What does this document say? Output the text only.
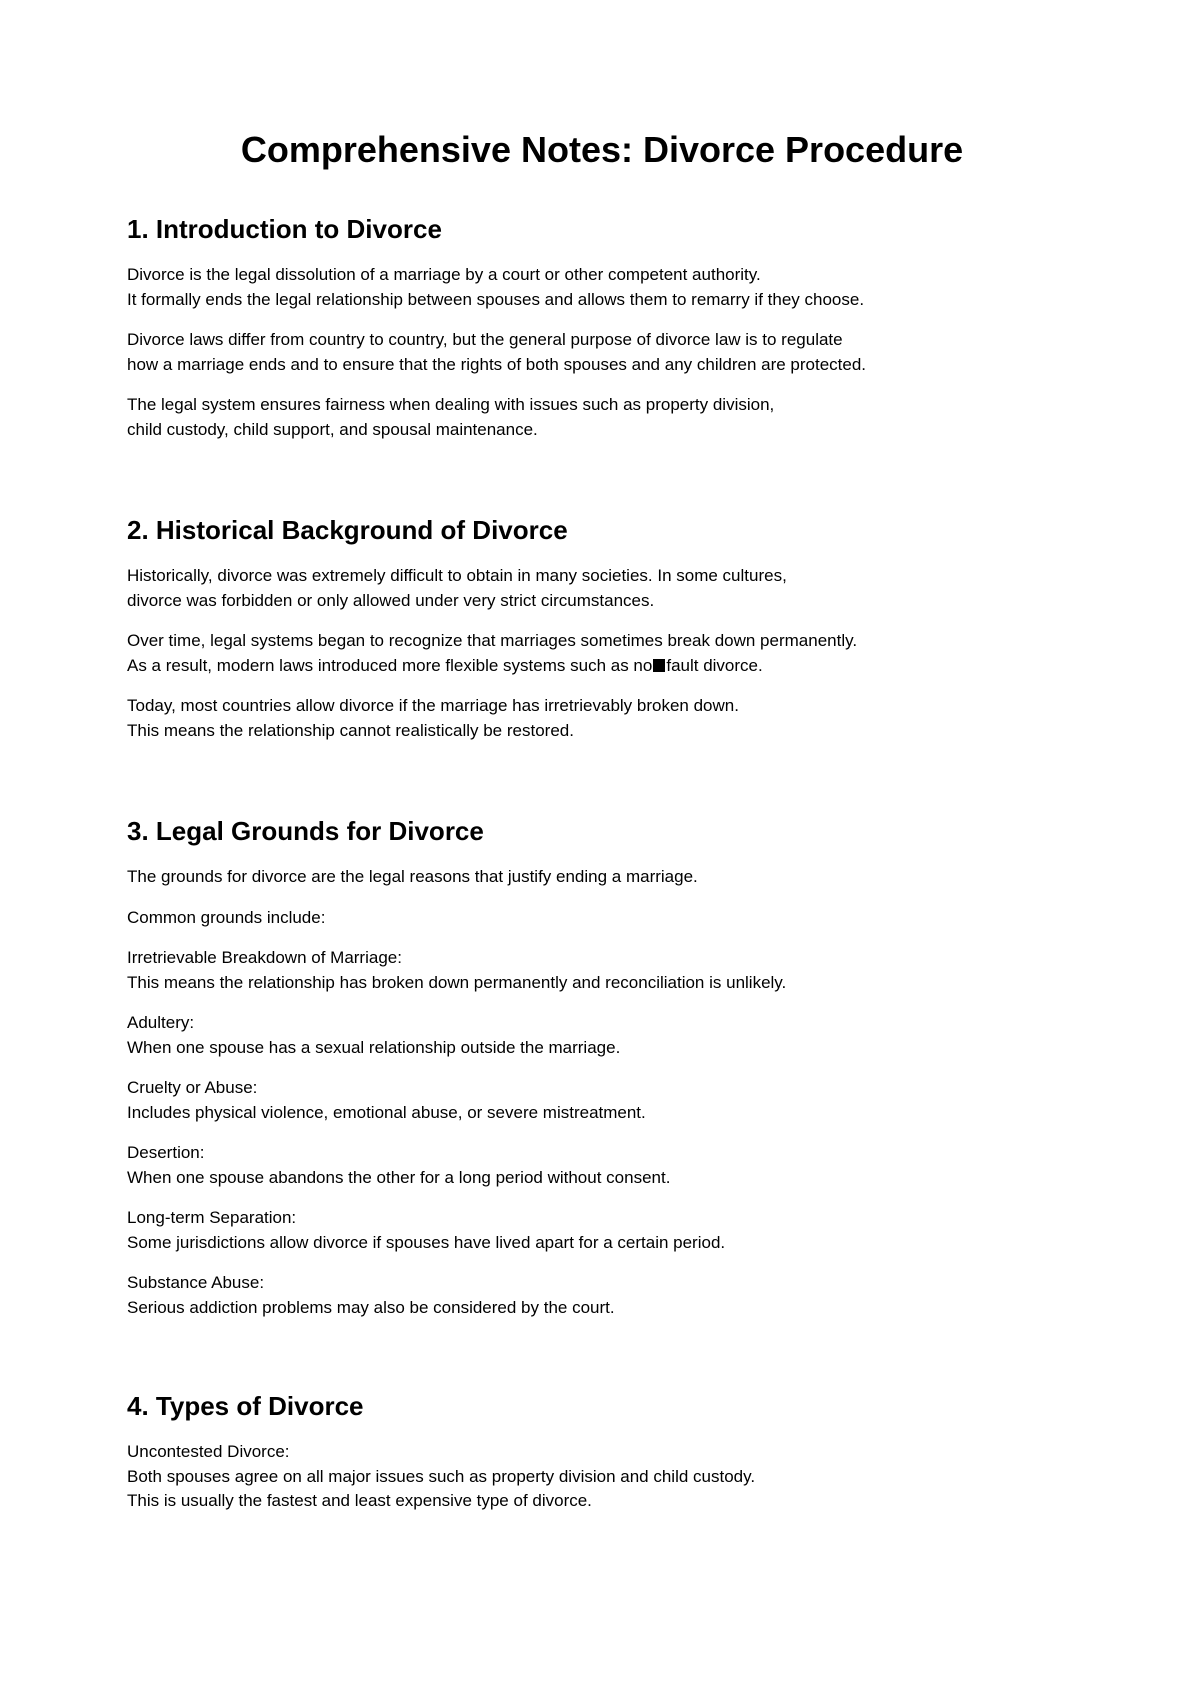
Comprehensive Notes: Divorce Procedure
1. Introduction to Divorce

Divorce is the legal dissolution of a marriage by a court or other competent authority.
It formally ends the legal relationship between spouses and allows them to remarry if they choose.

Divorce laws differ from country to country, but the general purpose of divorce law is to regulate
how a marriage ends and to ensure that the rights of both spouses and any children are protected.

The legal system ensures fairness when dealing with issues such as property division,
child custody, child support, and spousal maintenance.

2. Historical Background of Divorce

Historically, divorce was extremely difficult to obtain in many societies. In some cultures,
divorce was forbidden or only allowed under very strict circumstances.

Over time, legal systems began to recognize that marriages sometimes break down permanently.
As a result, modern laws introduced more flexible systems such as no fault divorce.

Today, most countries allow divorce if the marriage has irretrievably broken down.
This means the relationship cannot realistically be restored.

3. Legal Grounds for Divorce

The grounds for divorce are the legal reasons that justify ending a marriage.

Common grounds include:

Irretrievable Breakdown of Marriage:
This means the relationship has broken down permanently and reconciliation is unlikely.

Adultery:
When one spouse has a sexual relationship outside the marriage.

Cruelty or Abuse:
Includes physical violence, emotional abuse, or severe mistreatment.

Desertion:
When one spouse abandons the other for a long period without consent.

Long-term Separation:
Some jurisdictions allow divorce if spouses have lived apart for a certain period.

Substance Abuse:
Serious addiction problems may also be considered by the court.

4. Types of Divorce

Uncontested Divorce:
Both spouses agree on all major issues such as property division and child custody.
This is usually the fastest and least expensive type of divorce.
